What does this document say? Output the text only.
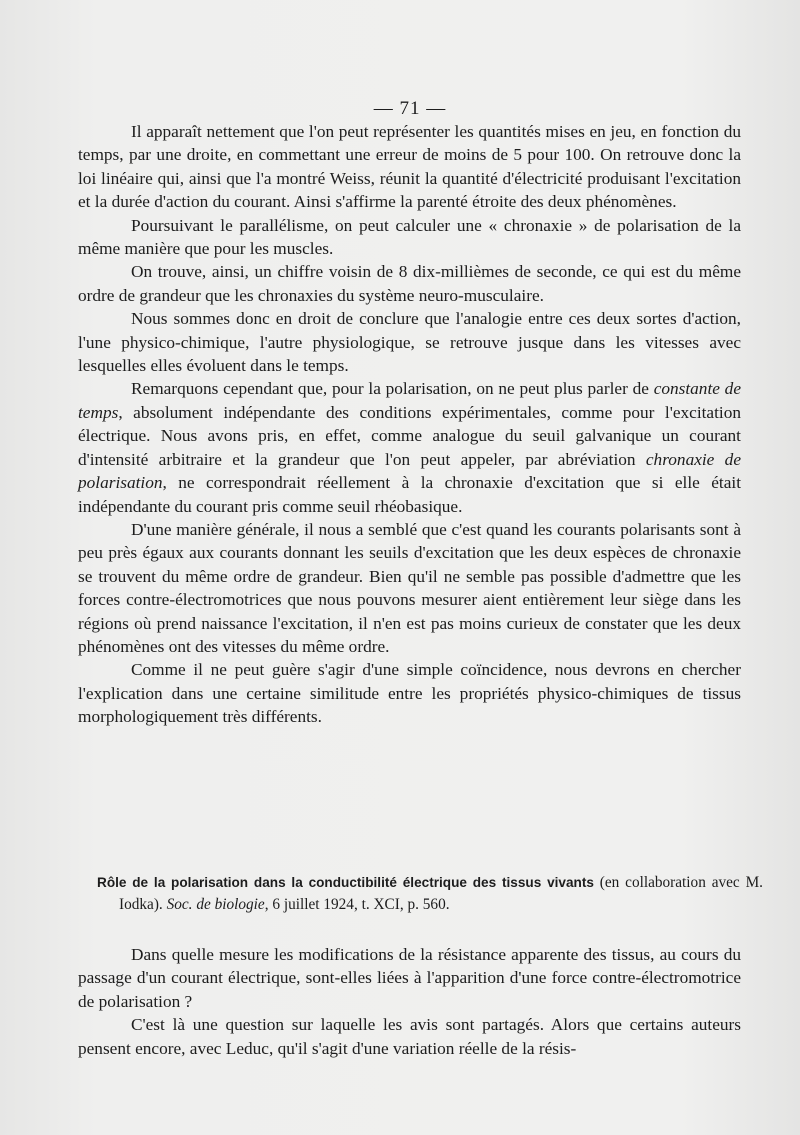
— 71 —

Il apparaît nettement que l'on peut représenter les quantités mises en jeu, en fonction du temps, par une droite, en commettant une erreur de moins de 5 pour 100. On retrouve donc la loi linéaire qui, ainsi que l'a montré Weiss, réunit la quantité d'électricité produisant l'excitation et la durée d'action du courant. Ainsi s'affirme la parenté étroite des deux phénomènes.

Poursuivant le parallélisme, on peut calculer une « chronaxie » de polarisation de la même manière que pour les muscles.

On trouve, ainsi, un chiffre voisin de 8 dix-millièmes de seconde, ce qui est du même ordre de grandeur que les chronaxies du système neuro-musculaire.

Nous sommes donc en droit de conclure que l'analogie entre ces deux sortes d'action, l'une physico-chimique, l'autre physiologique, se retrouve jusque dans les vitesses avec lesquelles elles évoluent dans le temps.

Remarquons cependant que, pour la polarisation, on ne peut plus parler de constante de temps, absolument indépendante des conditions expérimentales, comme pour l'excitation électrique. Nous avons pris, en effet, comme analogue du seuil galvanique un courant d'intensité arbitraire et la grandeur que l'on peut appeler, par abréviation chronaxie de polarisation, ne correspondrait réellement à la chronaxie d'excitation que si elle était indépendante du courant pris comme seuil rhéobasique.

D'une manière générale, il nous a semblé que c'est quand les courants polarisants sont à peu près égaux aux courants donnant les seuils d'excitation que les deux espèces de chronaxie se trouvent du même ordre de grandeur. Bien qu'il ne semble pas possible d'admettre que les forces contre-électromotrices que nous pouvons mesurer aient entièrement leur siège dans les régions où prend naissance l'excitation, il n'en est pas moins curieux de constater que les deux phénomènes ont des vitesses du même ordre.

Comme il ne peut guère s'agir d'une simple coïncidence, nous devrons en chercher l'explication dans une certaine similitude entre les propriétés physico-chimiques de tissus morphologiquement très différents.

Rôle de la polarisation dans la conductibilité électrique des tissus vivants (en collaboration avec M. Iodka). Soc. de biologie, 6 juillet 1924, t. XCI, p. 560.

Dans quelle mesure les modifications de la résistance apparente des tissus, au cours du passage d'un courant électrique, sont-elles liées à l'apparition d'une force contre-électromotrice de polarisation ?

C'est là une question sur laquelle les avis sont partagés. Alors que certains auteurs pensent encore, avec Leduc, qu'il s'agit d'une variation réelle de la résis-
